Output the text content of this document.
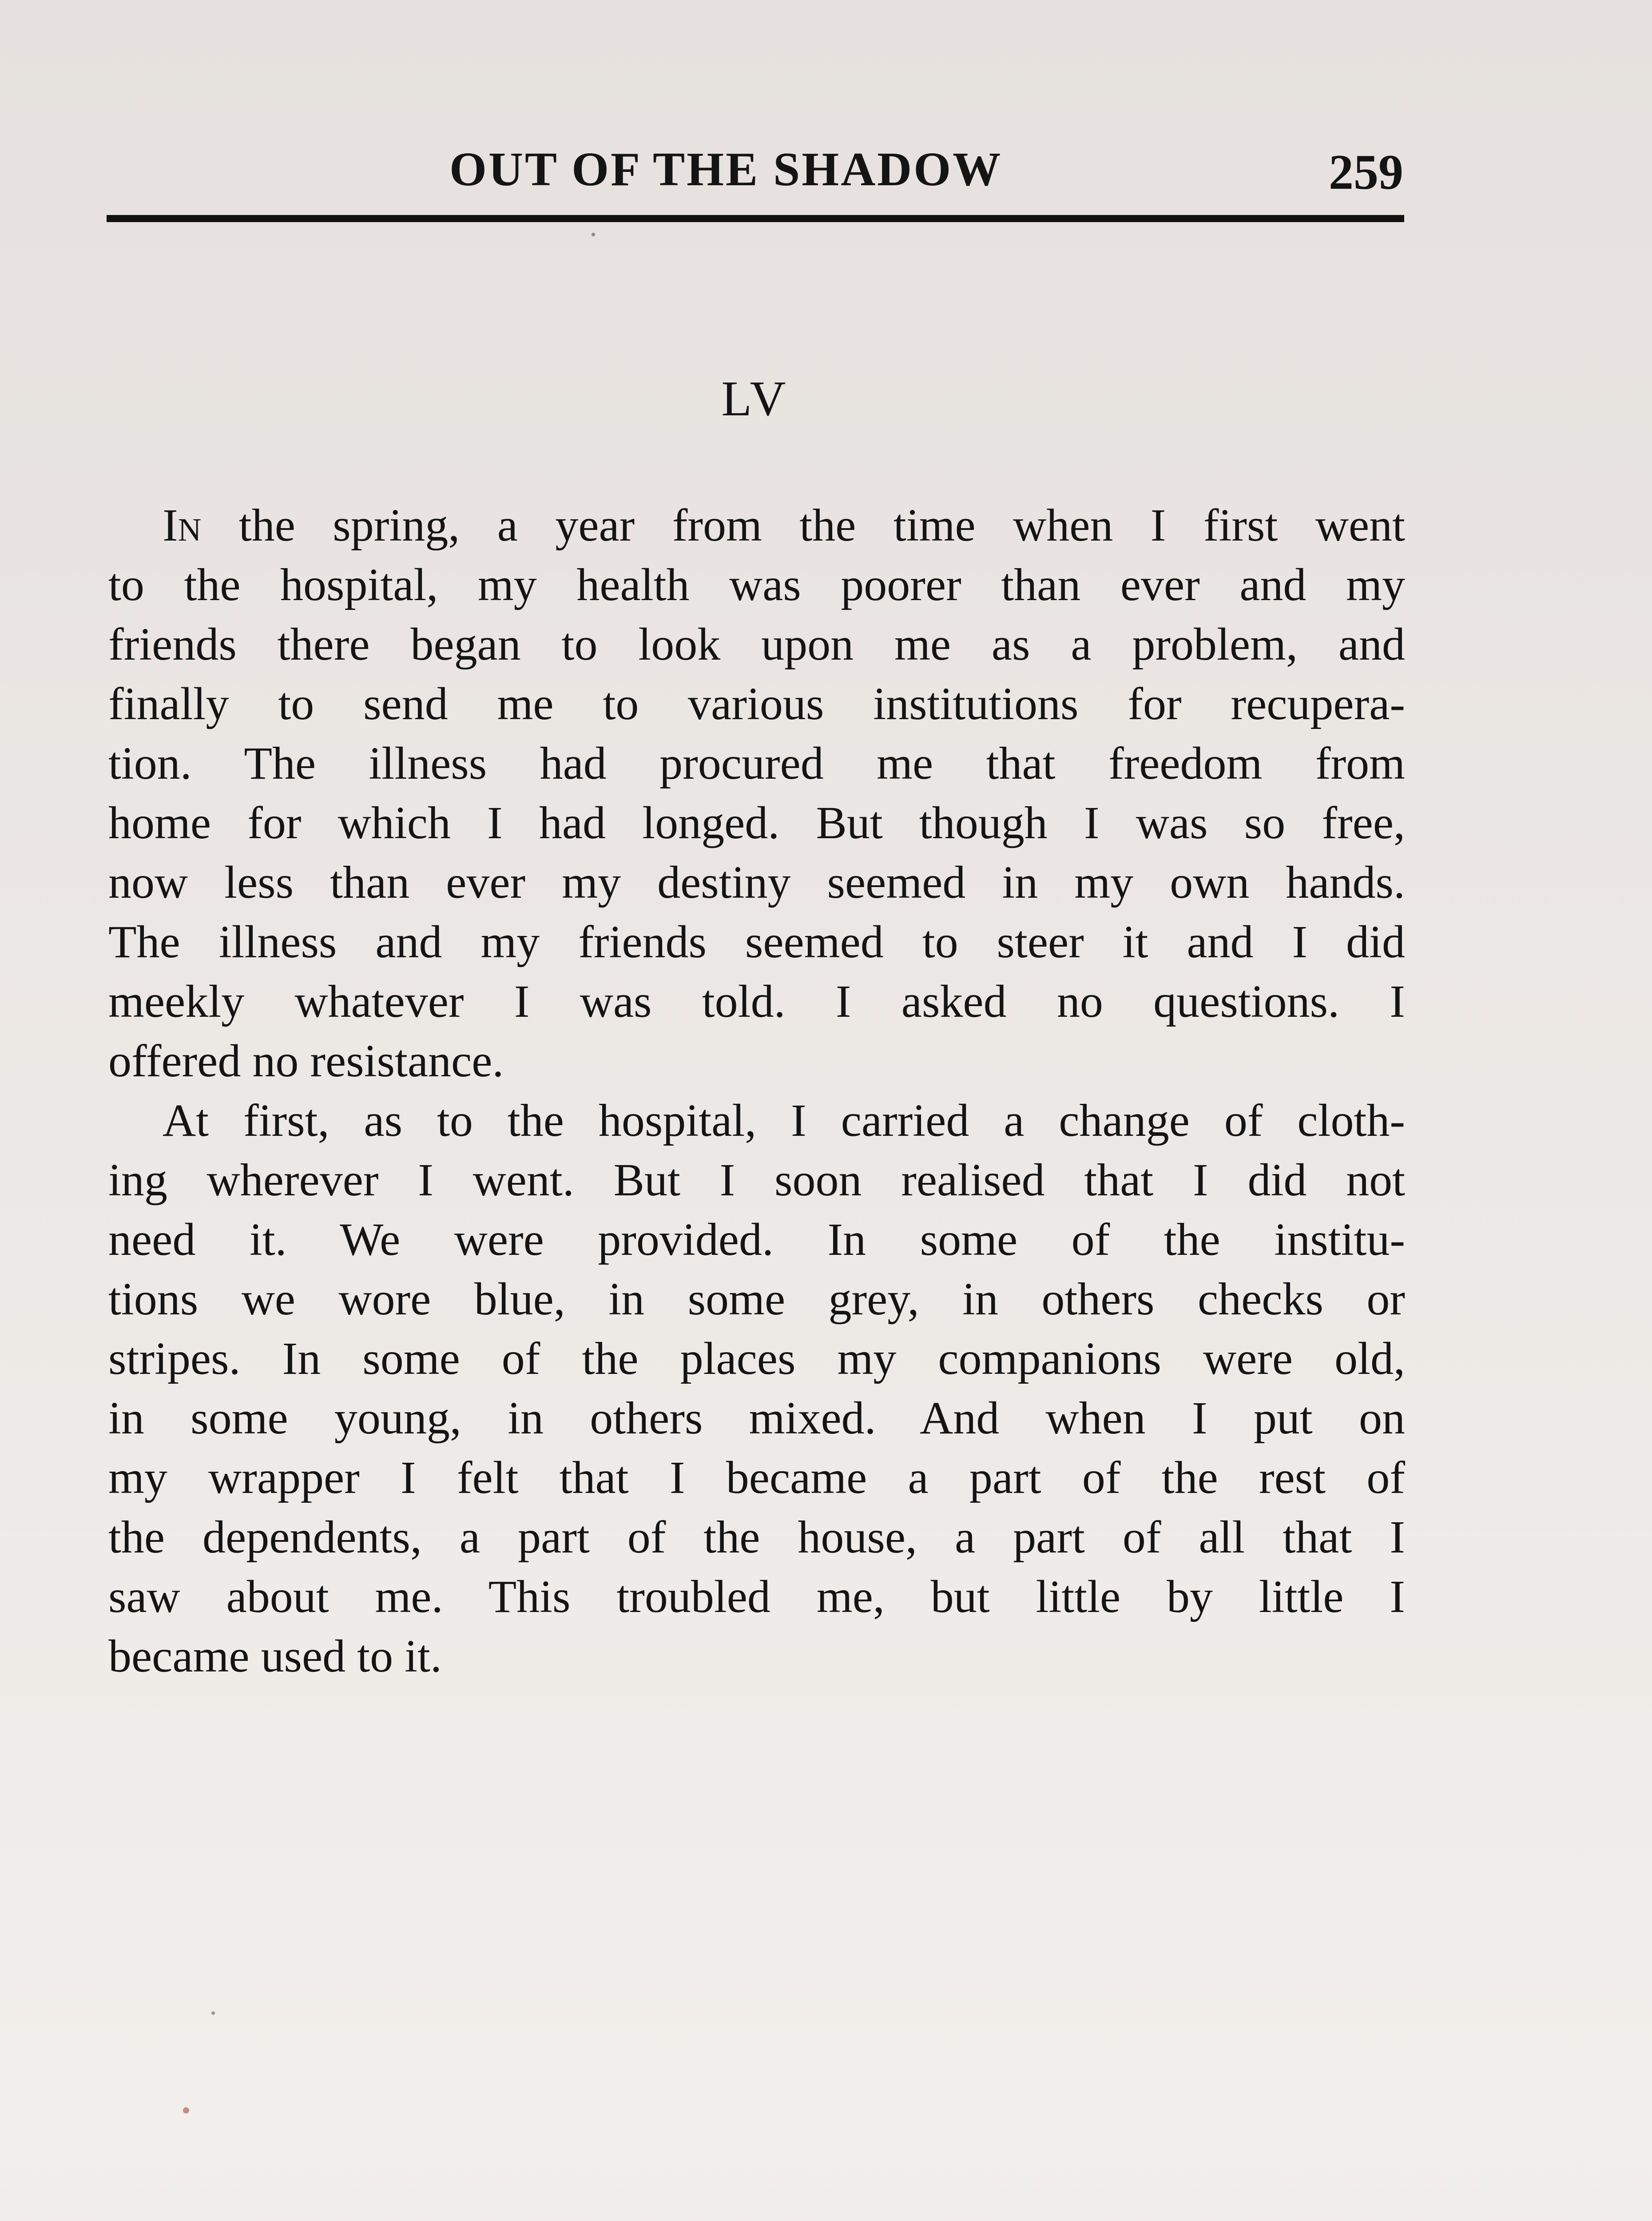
OUT OF THE SHADOW	259
LV
In the spring, a year from the time when I first went
to the hospital, my health was poorer than ever and my
friends there began to look upon me as a problem, and
finally to send me to various institutions for recupera-
tion. The illness had procured me that freedom from
home for which I had longed. But though I was so free,
now less than ever my destiny seemed in my own hands.
The illness and my friends seemed to steer it and I did
meekly whatever I was told. I asked no questions. I
offered no resistance.
At first, as to the hospital, I carried a change of cloth-
ing wherever I went. But I soon realised that I did not
need it. We were provided. In some of the institu-
tions we wore blue, in some grey, in others checks or
stripes. In some of the places my companions were old,
in some young, in others mixed. And when I put on
my wrapper I felt that I became a part of the rest of
the dependents, a part of the house, a part of all that I
saw about me. This troubled me, but little by little I
became used to it.
